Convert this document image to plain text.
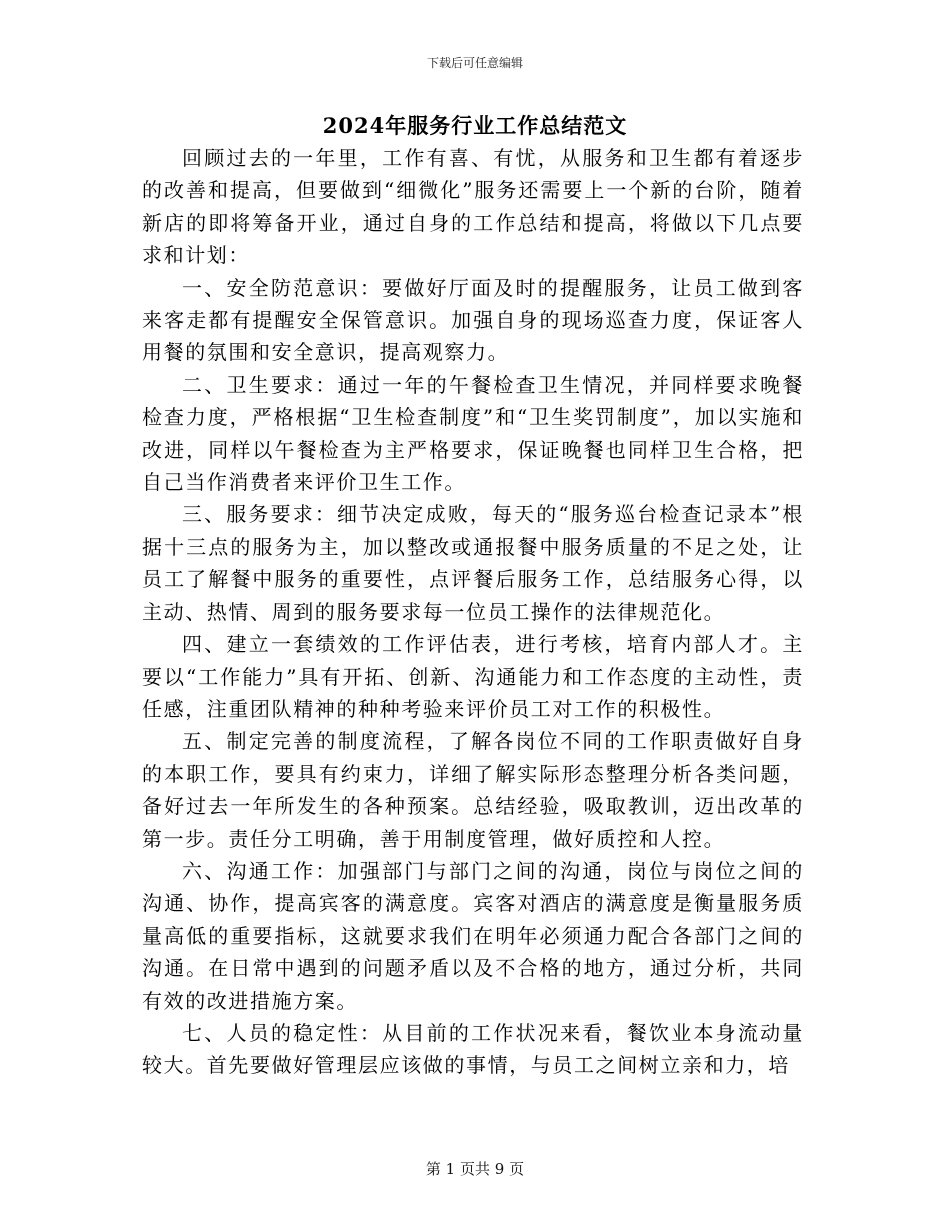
下载后可任意编辑
2024年服务行业工作总结范文

回顾过去的一年里，工作有喜、有忧，从服务和卫生都有着逐步的改善和提高，但要做到“细微化”服务还需要上一个新的台阶，随着新店的即将筹备开业，通过自身的工作总结和提高，将做以下几点要求和计划：

一、安全防范意识：要做好厅面及时的提醒服务，让员工做到客来客走都有提醒安全保管意识。加强自身的现场巡查力度，保证客人用餐的氛围和安全意识，提高观察力。

二、卫生要求：通过一年的午餐检查卫生情况，并同样要求晚餐检查力度，严格根据“卫生检查制度”和“卫生奖罚制度”，加以实施和改进，同样以午餐检查为主严格要求，保证晚餐也同样卫生合格，把自己当作消费者来评价卫生工作。

三、服务要求：细节决定成败，每天的“服务巡台检查记录本”根据十三点的服务为主，加以整改或通报餐中服务质量的不足之处，让员工了解餐中服务的重要性，点评餐后服务工作，总结服务心得，以主动、热情、周到的服务要求每一位员工操作的法律规范化。

四、建立一套绩效的工作评估表，进行考核，培育内部人才。主要以“工作能力”具有开拓、创新、沟通能力和工作态度的主动性，责任感，注重团队精神的种种考验来评价员工对工作的积极性。

五、制定完善的制度流程，了解各岗位不同的工作职责做好自身的本职工作，要具有约束力，详细了解实际形态整理分析各类问题，备好过去一年所发生的各种预案。总结经验，吸取教训，迈出改革的第一步。责任分工明确，善于用制度管理，做好质控和人控。

六、沟通工作：加强部门与部门之间的沟通，岗位与岗位之间的沟通、协作，提高宾客的满意度。宾客对酒店的满意度是衡量服务质量高低的重要指标，这就要求我们在明年必须通力配合各部门之间的沟通。在日常中遇到的问题矛盾以及不合格的地方，通过分析，共同有效的改进措施方案。

七、人员的稳定性：从目前的工作状况来看，餐饮业本身流动量较大。首先要做好管理层应该做的事情，与员工之间树立亲和力，培

第 1 页共 9 页
